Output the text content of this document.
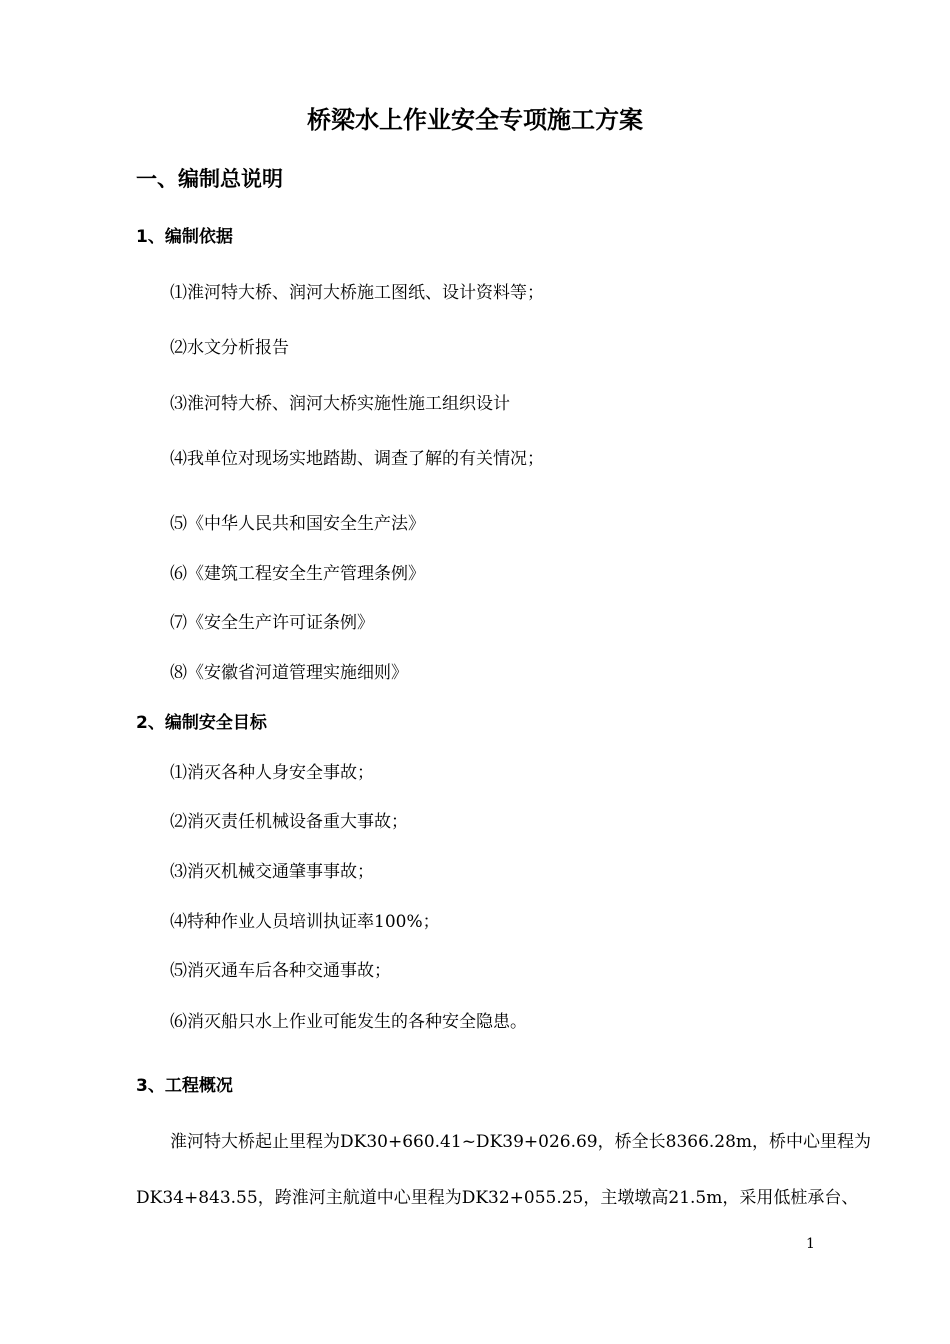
桥梁水上作业安全专项施工方案
一、编制总说明
1、编制依据
⑴淮河特大桥、润河大桥施工图纸、设计资料等；
⑵水文分析报告
⑶淮河特大桥、润河大桥实施性施工组织设计
⑷我单位对现场实地踏勘、调查了解的有关情况；
⑸《中华人民共和国安全生产法》
⑹《建筑工程安全生产管理条例》
⑺《安全生产许可证条例》
⑻《安徽省河道管理实施细则》
2、编制安全目标
⑴消灭各种人身安全事故；
⑵消灭责任机械设备重大事故；
⑶消灭机械交通肇事事故；
⑷特种作业人员培训执证率100%；
⑸消灭通车后各种交通事故；
⑹消灭船只水上作业可能发生的各种安全隐患。
3、工程概况
淮河特大桥起止里程为DK30+660.41~DK39+026.69，桥全长8366.28m，桥中心里程为
DK34+843.55，跨淮河主航道中心里程为DK32+055.25，主墩墩高21.5m，采用低桩承台、
1
